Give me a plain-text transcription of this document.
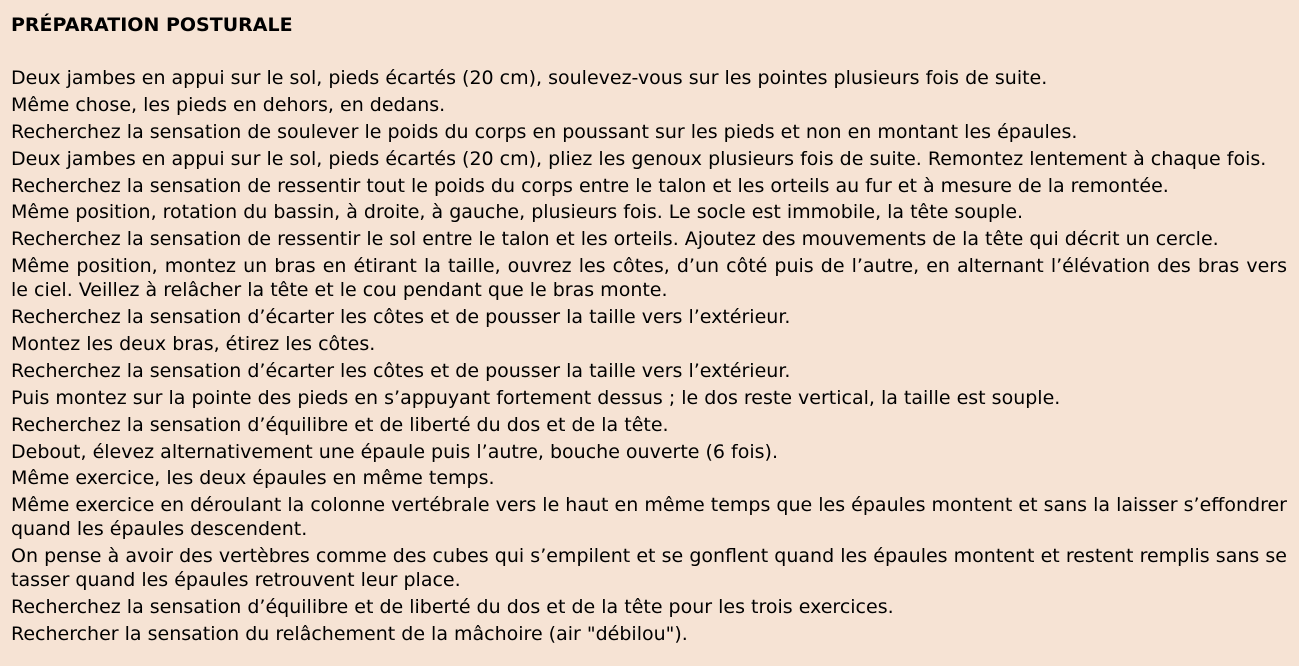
PRÉPARATION POSTURALE
Deux jambes en appui sur le sol, pieds écartés (20 cm), soulevez-vous sur les pointes plusieurs fois de suite.
Même chose, les pieds en dehors, en dedans.
Recherchez la sensation de soulever le poids du corps en poussant sur les pieds et non en montant les épaules.
Deux jambes en appui sur le sol, pieds écartés (20 cm), pliez les genoux plusieurs fois de suite. Remontez lentement à chaque fois.
Recherchez la sensation de ressentir tout le poids du corps entre le talon et les orteils au fur et à mesure de la remontée.
Même position, rotation du bassin, à droite, à gauche, plusieurs fois. Le socle est immobile, la tête souple.
Recherchez la sensation de ressentir le sol entre le talon et les orteils. Ajoutez des mouvements de la tête qui décrit un cercle.
Même position, montez un bras en étirant la taille, ouvrez les côtes, d’un côté puis de l’autre, en alternant l’élévation des bras vers le ciel. Veillez à relâcher la tête et le cou pendant que le bras monte.
Recherchez la sensation d’écarter les côtes et de pousser la taille vers l’extérieur.
Montez les deux bras, étirez les côtes.
Recherchez la sensation d’écarter les côtes et de pousser la taille vers l’extérieur.
Puis montez sur la pointe des pieds en s’appuyant fortement dessus ; le dos reste vertical, la taille est souple.
Recherchez la sensation d’équilibre et de liberté du dos et de la tête.
Debout, élevez alternativement une épaule puis l’autre, bouche ouverte (6 fois).
Même exercice, les deux épaules en même temps.
Même exercice en déroulant la colonne vertébrale vers le haut en même temps que les épaules montent et sans la laisser s’effondrer quand les épaules descendent.
On pense à avoir des vertèbres comme des cubes qui s’empilent et se gonflent quand les épaules montent et restent remplis sans se tasser quand les épaules retrouvent leur place.
Recherchez la sensation d’équilibre et de liberté du dos et de la tête pour les trois exercices.
Rechercher la sensation du relâchement de la mâchoire (air "débilou").
